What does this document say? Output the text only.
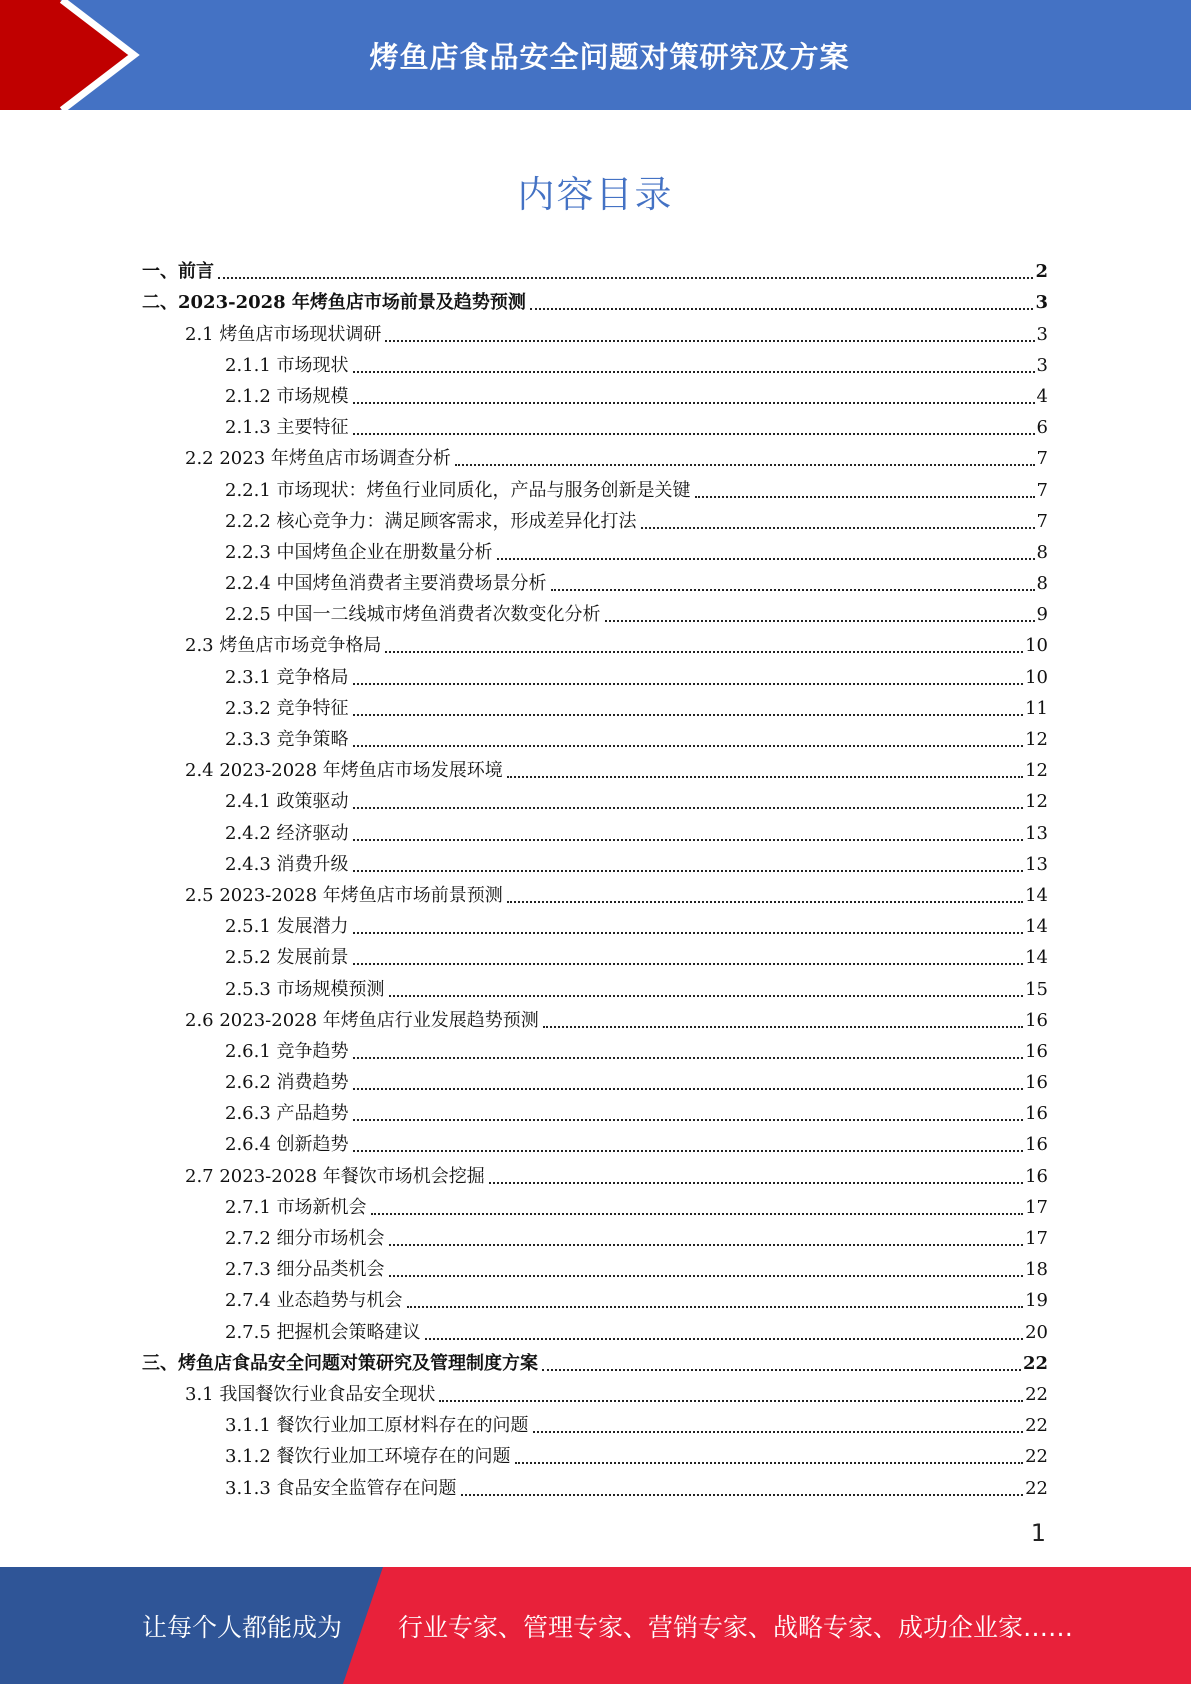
烤鱼店食品安全问题对策研究及方案
内容目录
一、前言	2
二、2023-2028 年烤鱼店市场前景及趋势预测	3
2.1 烤鱼店市场现状调研	3
2.1.1 市场现状	3
2.1.2 市场规模	4
2.1.3 主要特征	6
2.2 2023 年烤鱼店市场调查分析	7
2.2.1 市场现状：烤鱼行业同质化，产品与服务创新是关键	7
2.2.2 核心竞争力：满足顾客需求，形成差异化打法	7
2.2.3 中国烤鱼企业在册数量分析	8
2.2.4 中国烤鱼消费者主要消费场景分析	8
2.2.5 中国一二线城市烤鱼消费者次数变化分析	9
2.3 烤鱼店市场竞争格局	10
2.3.1 竞争格局	10
2.3.2 竞争特征	11
2.3.3 竞争策略	12
2.4 2023-2028 年烤鱼店市场发展环境	12
2.4.1 政策驱动	12
2.4.2 经济驱动	13
2.4.3 消费升级	13
2.5 2023-2028 年烤鱼店市场前景预测	14
2.5.1 发展潜力	14
2.5.2 发展前景	14
2.5.3 市场规模预测	15
2.6 2023-2028 年烤鱼店行业发展趋势预测	16
2.6.1 竞争趋势	16
2.6.2 消费趋势	16
2.6.3 产品趋势	16
2.6.4 创新趋势	16
2.7 2023-2028 年餐饮市场机会挖掘	16
2.7.1 市场新机会	17
2.7.2 细分市场机会	17
2.7.3 细分品类机会	18
2.7.4 业态趋势与机会	19
2.7.5 把握机会策略建议	20
三、烤鱼店食品安全问题对策研究及管理制度方案	22
3.1 我国餐饮行业食品安全现状	22
3.1.1 餐饮行业加工原材料存在的问题	22
3.1.2 餐饮行业加工环境存在的问题	22
3.1.3 食品安全监管存在问题	22
1
让每个人都能成为 行业专家、管理专家、营销专家、战略专家、成功企业家……
